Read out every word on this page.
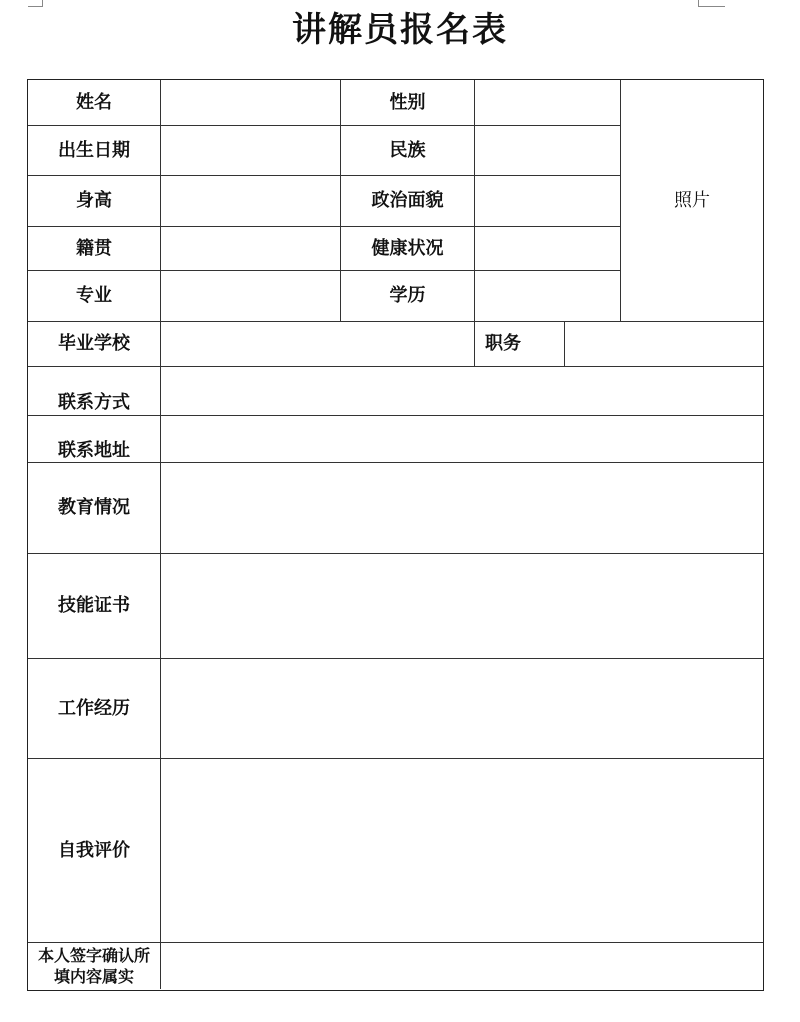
讲解员报名表
姓名	性别
照片
出生日期	民族
身高	政治面貌
籍贯	健康状况
专业	学历
毕业学校	职务
联系方式
联系地址
教育情况
技能证书
工作经历
自我评价
本人签字确认所
填内容属实
